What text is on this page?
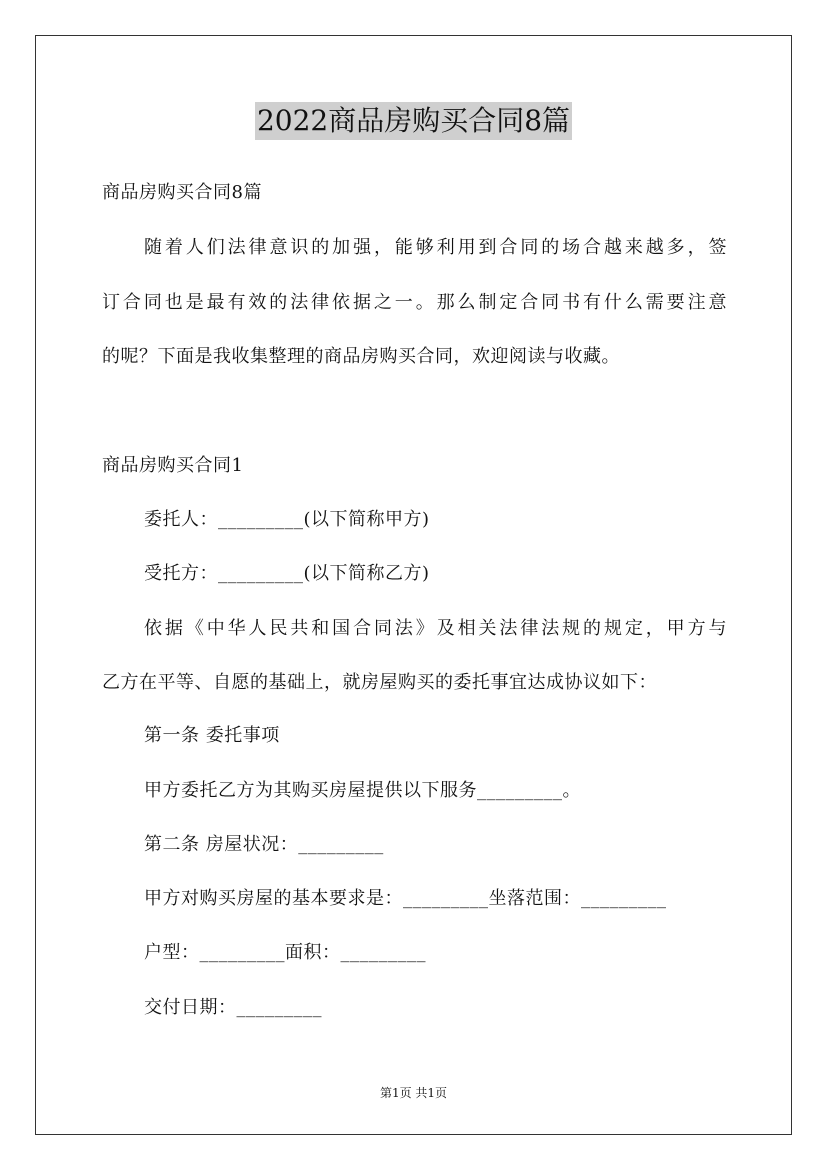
2022商品房购买合同8篇
商品房购买合同8篇
随着人们法律意识的加强，能够利用到合同的场合越来越多，签
订合同也是最有效的法律依据之一。那么制定合同书有什么需要注意
的呢？下面是我收集整理的商品房购买合同，欢迎阅读与收藏。
商品房购买合同1
委托人：_________(以下简称甲方)
受托方：_________(以下简称乙方)
依据《中华人民共和国合同法》及相关法律法规的规定，甲方与
乙方在平等、自愿的基础上，就房屋购买的委托事宜达成协议如下：
第一条 委托事项
甲方委托乙方为其购买房屋提供以下服务_________。
第二条 房屋状况：_________
甲方对购买房屋的基本要求是：_________坐落范围：_________
户型：_________面积：_________
交付日期：_________
第1页 共1页
